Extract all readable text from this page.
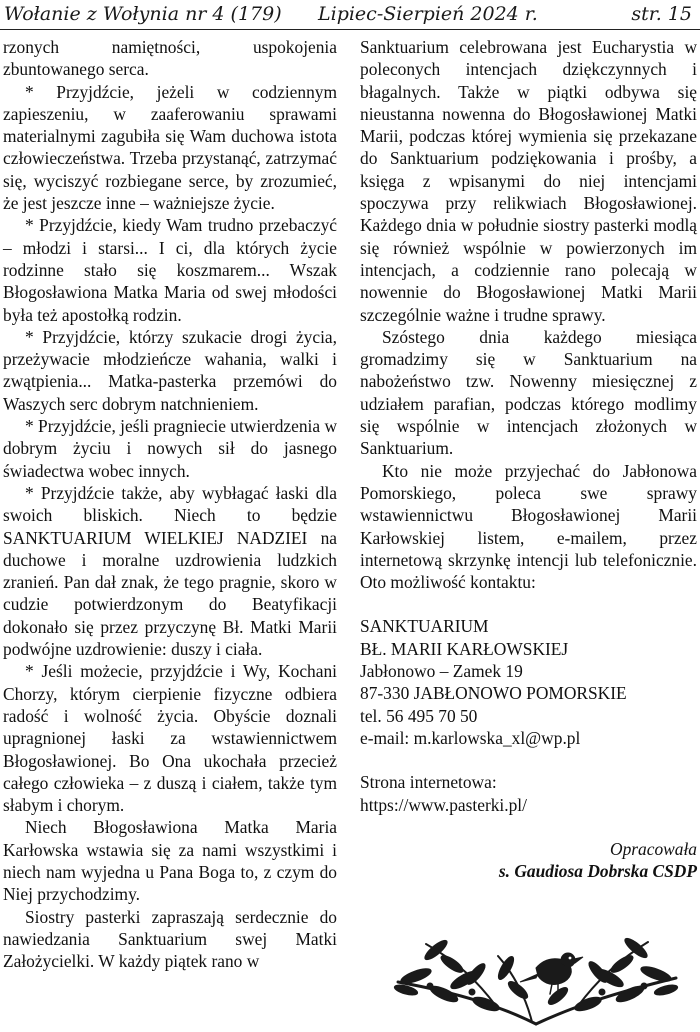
Wołanie z Wołynia nr 4 (179) Lipiec-Sierpień 2024 r.	str. 15

rzonych namiętności, uspokojenia zbuntowanego serca.

* Przyjdźcie, jeżeli w codziennym zapieszeniu, w zaaferowaniu sprawami materialnymi zagubiła się Wam duchowa istota człowieczeństwa. Trzeba przystanąć, zatrzymać się, wyciszyć rozbiegane serce, by zrozumieć, że jest jeszcze inne – ważniejsze życie.

* Przyjdźcie, kiedy Wam trudno przebaczyć – młodzi i starsi... I ci, dla których życie rodzinne stało się koszmarem... Wszak Błogosławiona Matka Maria od swej młodości była też apostołką rodzin.

* Przyjdźcie, którzy szukacie drogi życia, przeżywacie młodzieńcze wahania, walki i zwątpienia... Matka-pasterka przemówi do Waszych serc dobrym natchnieniem.

* Przyjdźcie, jeśli pragniecie utwierdzenia w dobrym życiu i nowych sił do jasnego świadectwa wobec innych.

* Przyjdźcie także, aby wybłagać łaski dla swoich bliskich. Niech to będzie SANKTUARIUM WIELKIEJ NADZIEI na duchowe i moralne uzdrowienia ludzkich zranień. Pan dał znak, że tego pragnie, skoro w cudzie potwierdzonym do Beatyfikacji dokonało się przez przyczynę Bł. Matki Marii podwójne uzdrowienie: duszy i ciała.

* Jeśli możecie, przyjdźcie i Wy, Kochani Chorzy, którym cierpienie fizyczne odbiera radość i wolność życia. Obyście doznali upragnionej łaski za wstawiennictwem Błogosławionej. Bo Ona ukochała przecież całego człowieka – z duszą i ciałem, także tym słabym i chorym.

Niech Błogosławiona Matka Maria Karłowska wstawia się za nami wszystkimi i niech nam wyjedna u Pana Boga to, z czym do Niej przychodzimy.

Siostry pasterki zapraszają serdecznie do nawiedzania Sanktuarium swej Matki Założycielki. W każdy piątek rano w

Sanktuarium celebrowana jest Eucharystia w poleconych intencjach dziękczynnych i błagalnych. Także w piątki odbywa się nieustanna nowenna do Błogosławionej Matki Marii, podczas której wymienia się przekazane do Sanktuarium podziękowania i prośby, a księga z wpisanymi do niej intencjami spoczywa przy relikwiach Błogosławionej. Każdego dnia w południe siostry pasterki modlą się również wspólnie w powierzonych im intencjach, a codziennie rano polecają w nowennie do Błogosławionej Matki Marii szczególnie ważne i trudne sprawy.

Szóstego dnia każdego miesiąca gromadzimy się w Sanktuarium na nabożeństwo tzw. Nowenny miesięcznej z udziałem parafian, podczas którego modlimy się wspólnie w intencjach złożonych w Sanktuarium.

Kto nie może przyjechać do Jabłonowa Pomorskiego, poleca swe sprawy wstawiennictwu Błogosławionej Marii Karłowskiej listem, e-mailem, przez internetową skrzynkę intencji lub telefonicznie. Oto możliwość kontaktu:

SANKTUARIUM
BŁ. MARII KARŁOWSKIEJ
Jabłonowo – Zamek 19
87-330 JABŁONOWO POMORSKIE
tel. 56 495 70 50
e-mail: m.karlowska_xl@wp.pl
Strona internetowa:
https://www.pasterki.pl/
Opracowała
s. Gaudiosa Dobrska CSDP
